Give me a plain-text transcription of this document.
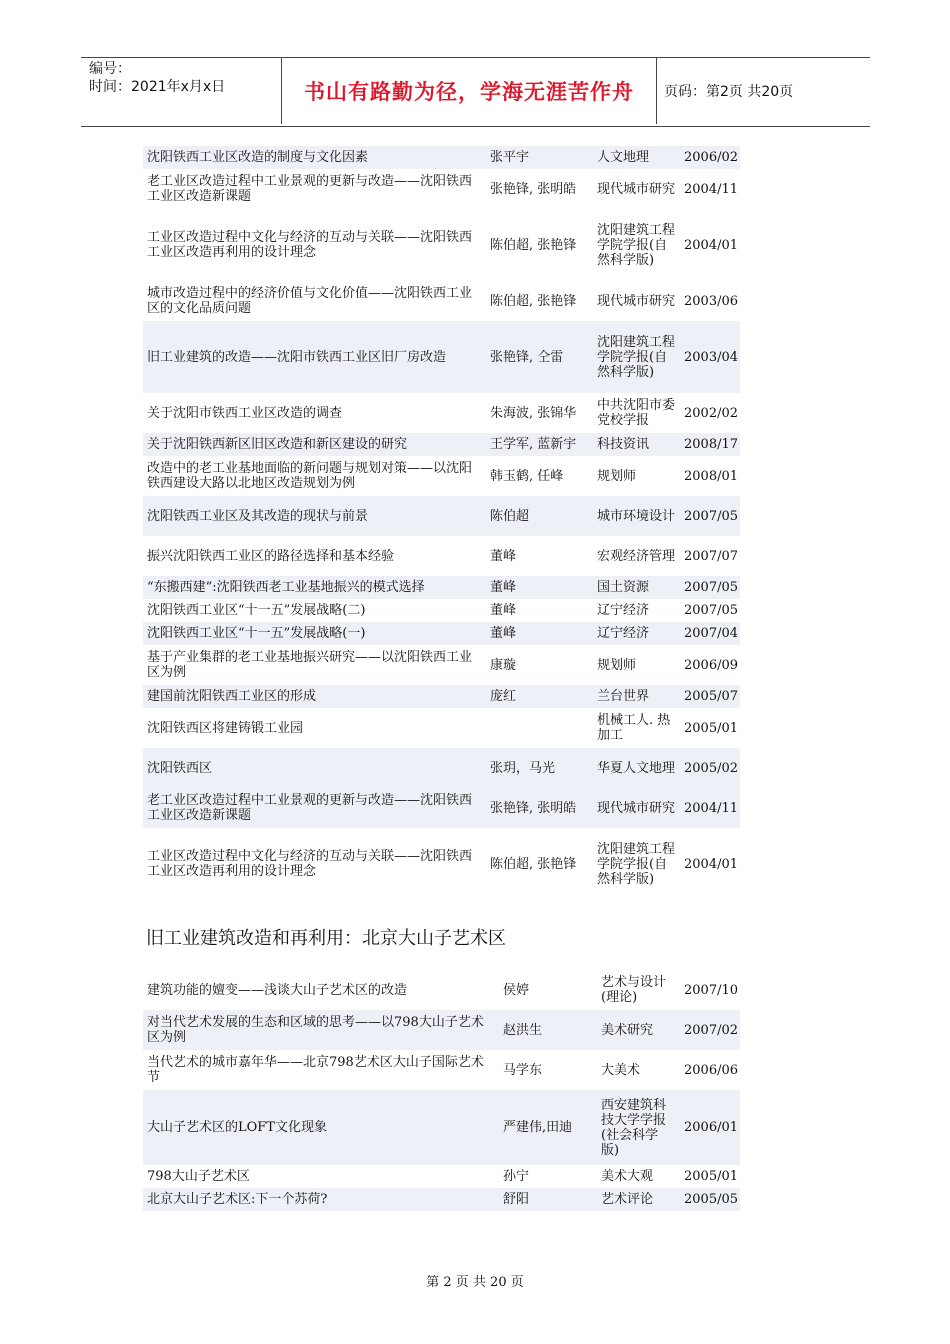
编号：
时间：2021年x月x日	书山有路勤为径，学海无涯苦作舟 页码：第2页 共20页
沈阳铁西工业区改造的制度与文化因素	张平宇	人文地理	2006/02
老工业区改造过程中工业景观的更新与改造——沈阳铁西工业区改造新课题	张艳锋, 张明皓	现代城市研究	2004/11
工业区改造过程中文化与经济的互动与关联——沈阳铁西工业区改造再利用的设计理念	陈伯超, 张艳锋	沈阳建筑工程学院学报(自然科学版)	2004/01
城市改造过程中的经济价值与文化价值——沈阳铁西工业区的文化品质问题	陈伯超, 张艳锋	现代城市研究	2003/06
旧工业建筑的改造——沈阳市铁西工业区旧厂房改造	张艳锋, 仝雷	沈阳建筑工程学院学报(自然科学版)	2003/04
关于沈阳市铁西工业区改造的调查	朱海波, 张锦华	中共沈阳市委党校学报	2002/02
关于沈阳铁西新区旧区改造和新区建设的研究	王学军, 蓝新宇	科技资讯	2008/17
改造中的老工业基地面临的新问题与规划对策——以沈阳铁西建设大路以北地区改造规划为例	韩玉鹤, 任峰	规划师	2008/01
沈阳铁西工业区及其改造的现状与前景	陈伯超	城市环境设计	2007/05
振兴沈阳铁西工业区的路径选择和基本经验	董峰	宏观经济管理	2007/07
“东搬西建”:沈阳铁西老工业基地振兴的模式选择	董峰	国土资源	2007/05
沈阳铁西工业区“十一五”发展战略(二)	董峰	辽宁经济	2007/05
沈阳铁西工业区“十一五”发展战略(一)	董峰	辽宁经济	2007/04
基于产业集群的老工业基地振兴研究——以沈阳铁西工业区为例	康璇	规划师	2006/09
建国前沈阳铁西工业区的形成	庞红	兰台世界	2005/07
沈阳铁西区将建铸锻工业园		机械工人. 热加工	2005/01
沈阳铁西区	张玥，马光	华夏人文地理	2005/02
老工业区改造过程中工业景观的更新与改造——沈阳铁西工业区改造新课题	张艳锋, 张明皓	现代城市研究	2004/11
工业区改造过程中文化与经济的互动与关联——沈阳铁西工业区改造再利用的设计理念	陈伯超, 张艳锋	沈阳建筑工程学院学报(自然科学版)	2004/01
旧工业建筑改造和再利用：北京大山子艺术区
建筑功能的嬗变——浅谈大山子艺术区的改造	侯婷	艺术与设计(理论)	2007/10
对当代艺术发展的生态和区域的思考——以798大山子艺术区为例	赵洪生	美术研究	2007/02
当代艺术的城市嘉年华——北京798艺术区大山子国际艺术节	马学东	大美术	2006/06
大山子艺术区的LOFT文化现象	严建伟,田迪	西安建筑科技大学学报(社会科学版)	2006/01
798大山子艺术区	孙宁	美术大观	2005/01
北京大山子艺术区:下一个苏荷?	舒阳	艺术评论	2005/05
第 2 页 共 20 页
